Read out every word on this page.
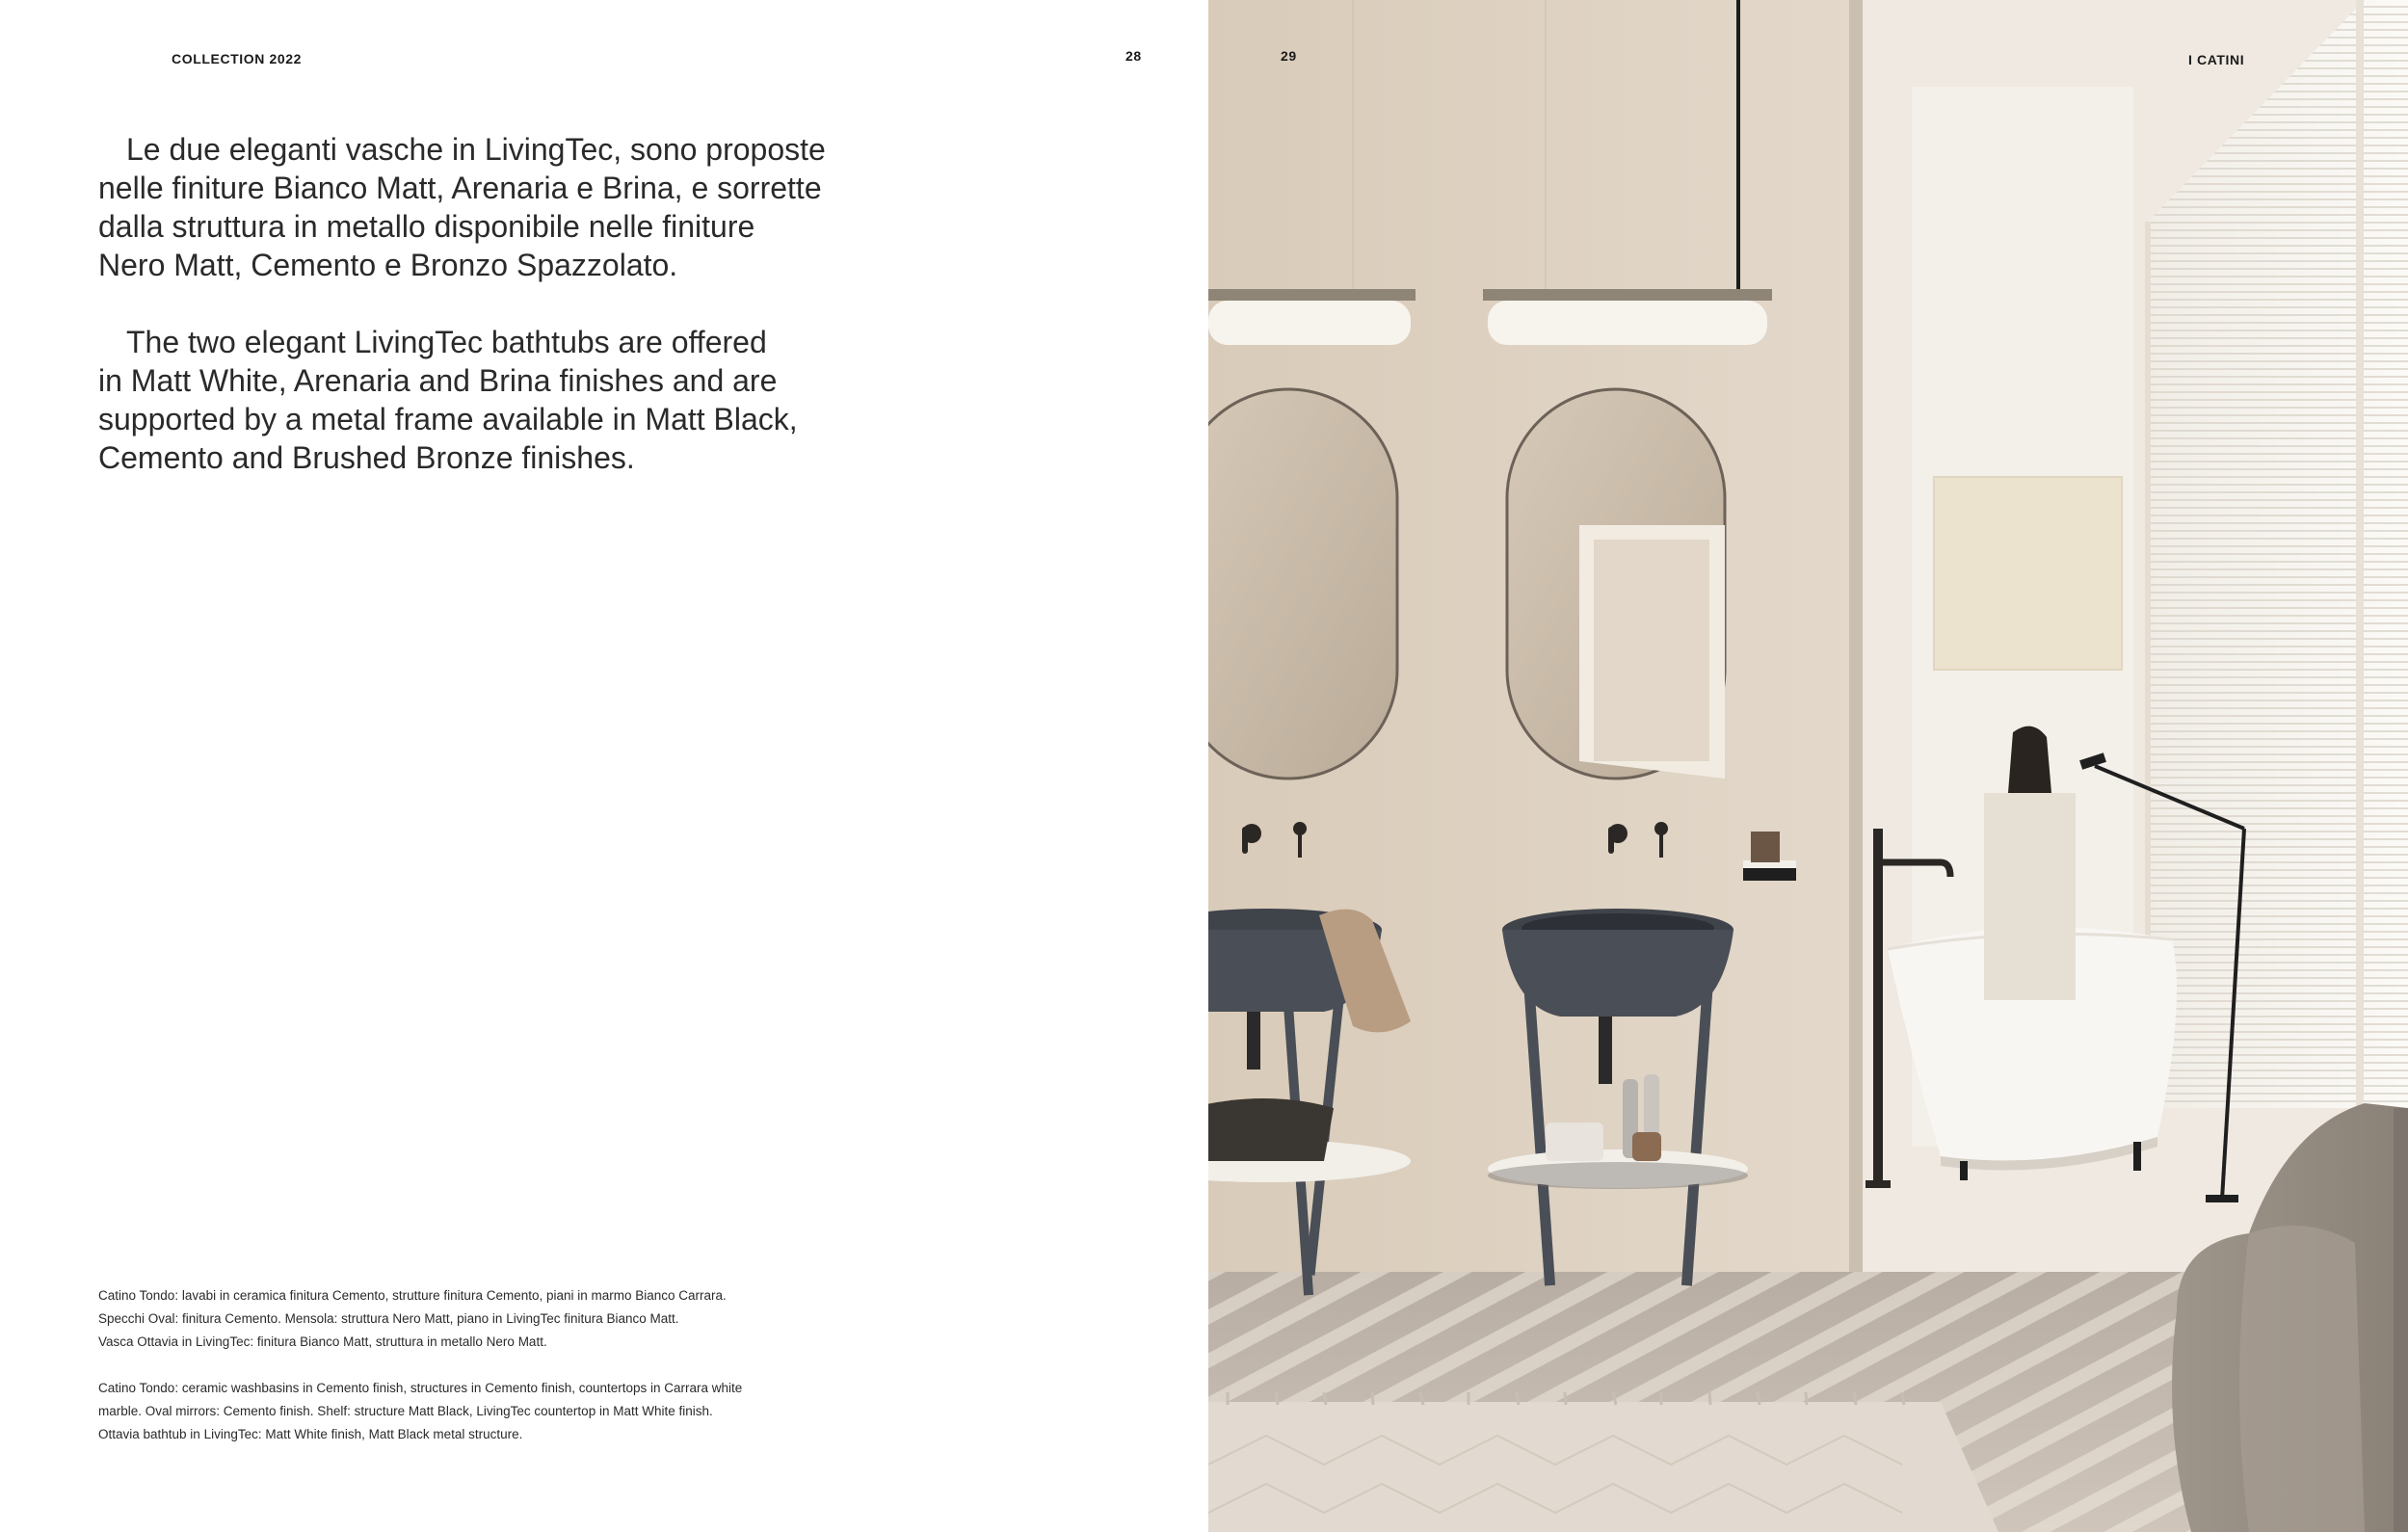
COLLECTION 2022	28

Le due eleganti vasche in LivingTec, sono proposte
nelle finiture Bianco Matt, Arenaria e Brina, e sorrette
dalla struttura in metallo disponibile nelle finiture
Nero Matt, Cemento e Bronzo Spazzolato.

The two elegant LivingTec bathtubs are offered
in Matt White, Arenaria and Brina finishes and are
supported by a metal frame available in Matt Black,
Cemento and Brushed Bronze finishes.

Catino Tondo: lavabi in ceramica finitura Cemento, strutture finitura Cemento, piani in marmo Bianco Carrara.
Specchi Oval: finitura Cemento. Mensola: struttura Nero Matt, piano in LivingTec finitura Bianco Matt.
Vasca Ottavia in LivingTec: finitura Bianco Matt, struttura in metallo Nero Matt.
Catino Tondo: ceramic washbasins in Cemento finish, structures in Cemento finish, countertops in Carrara white
marble. Oval mirrors: Cemento finish. Shelf: structure Matt Black, LivingTec countertop in Matt White finish.
Ottavia bathtub in LivingTec: Matt White finish, Matt Black metal structure.
29	I CATINI
